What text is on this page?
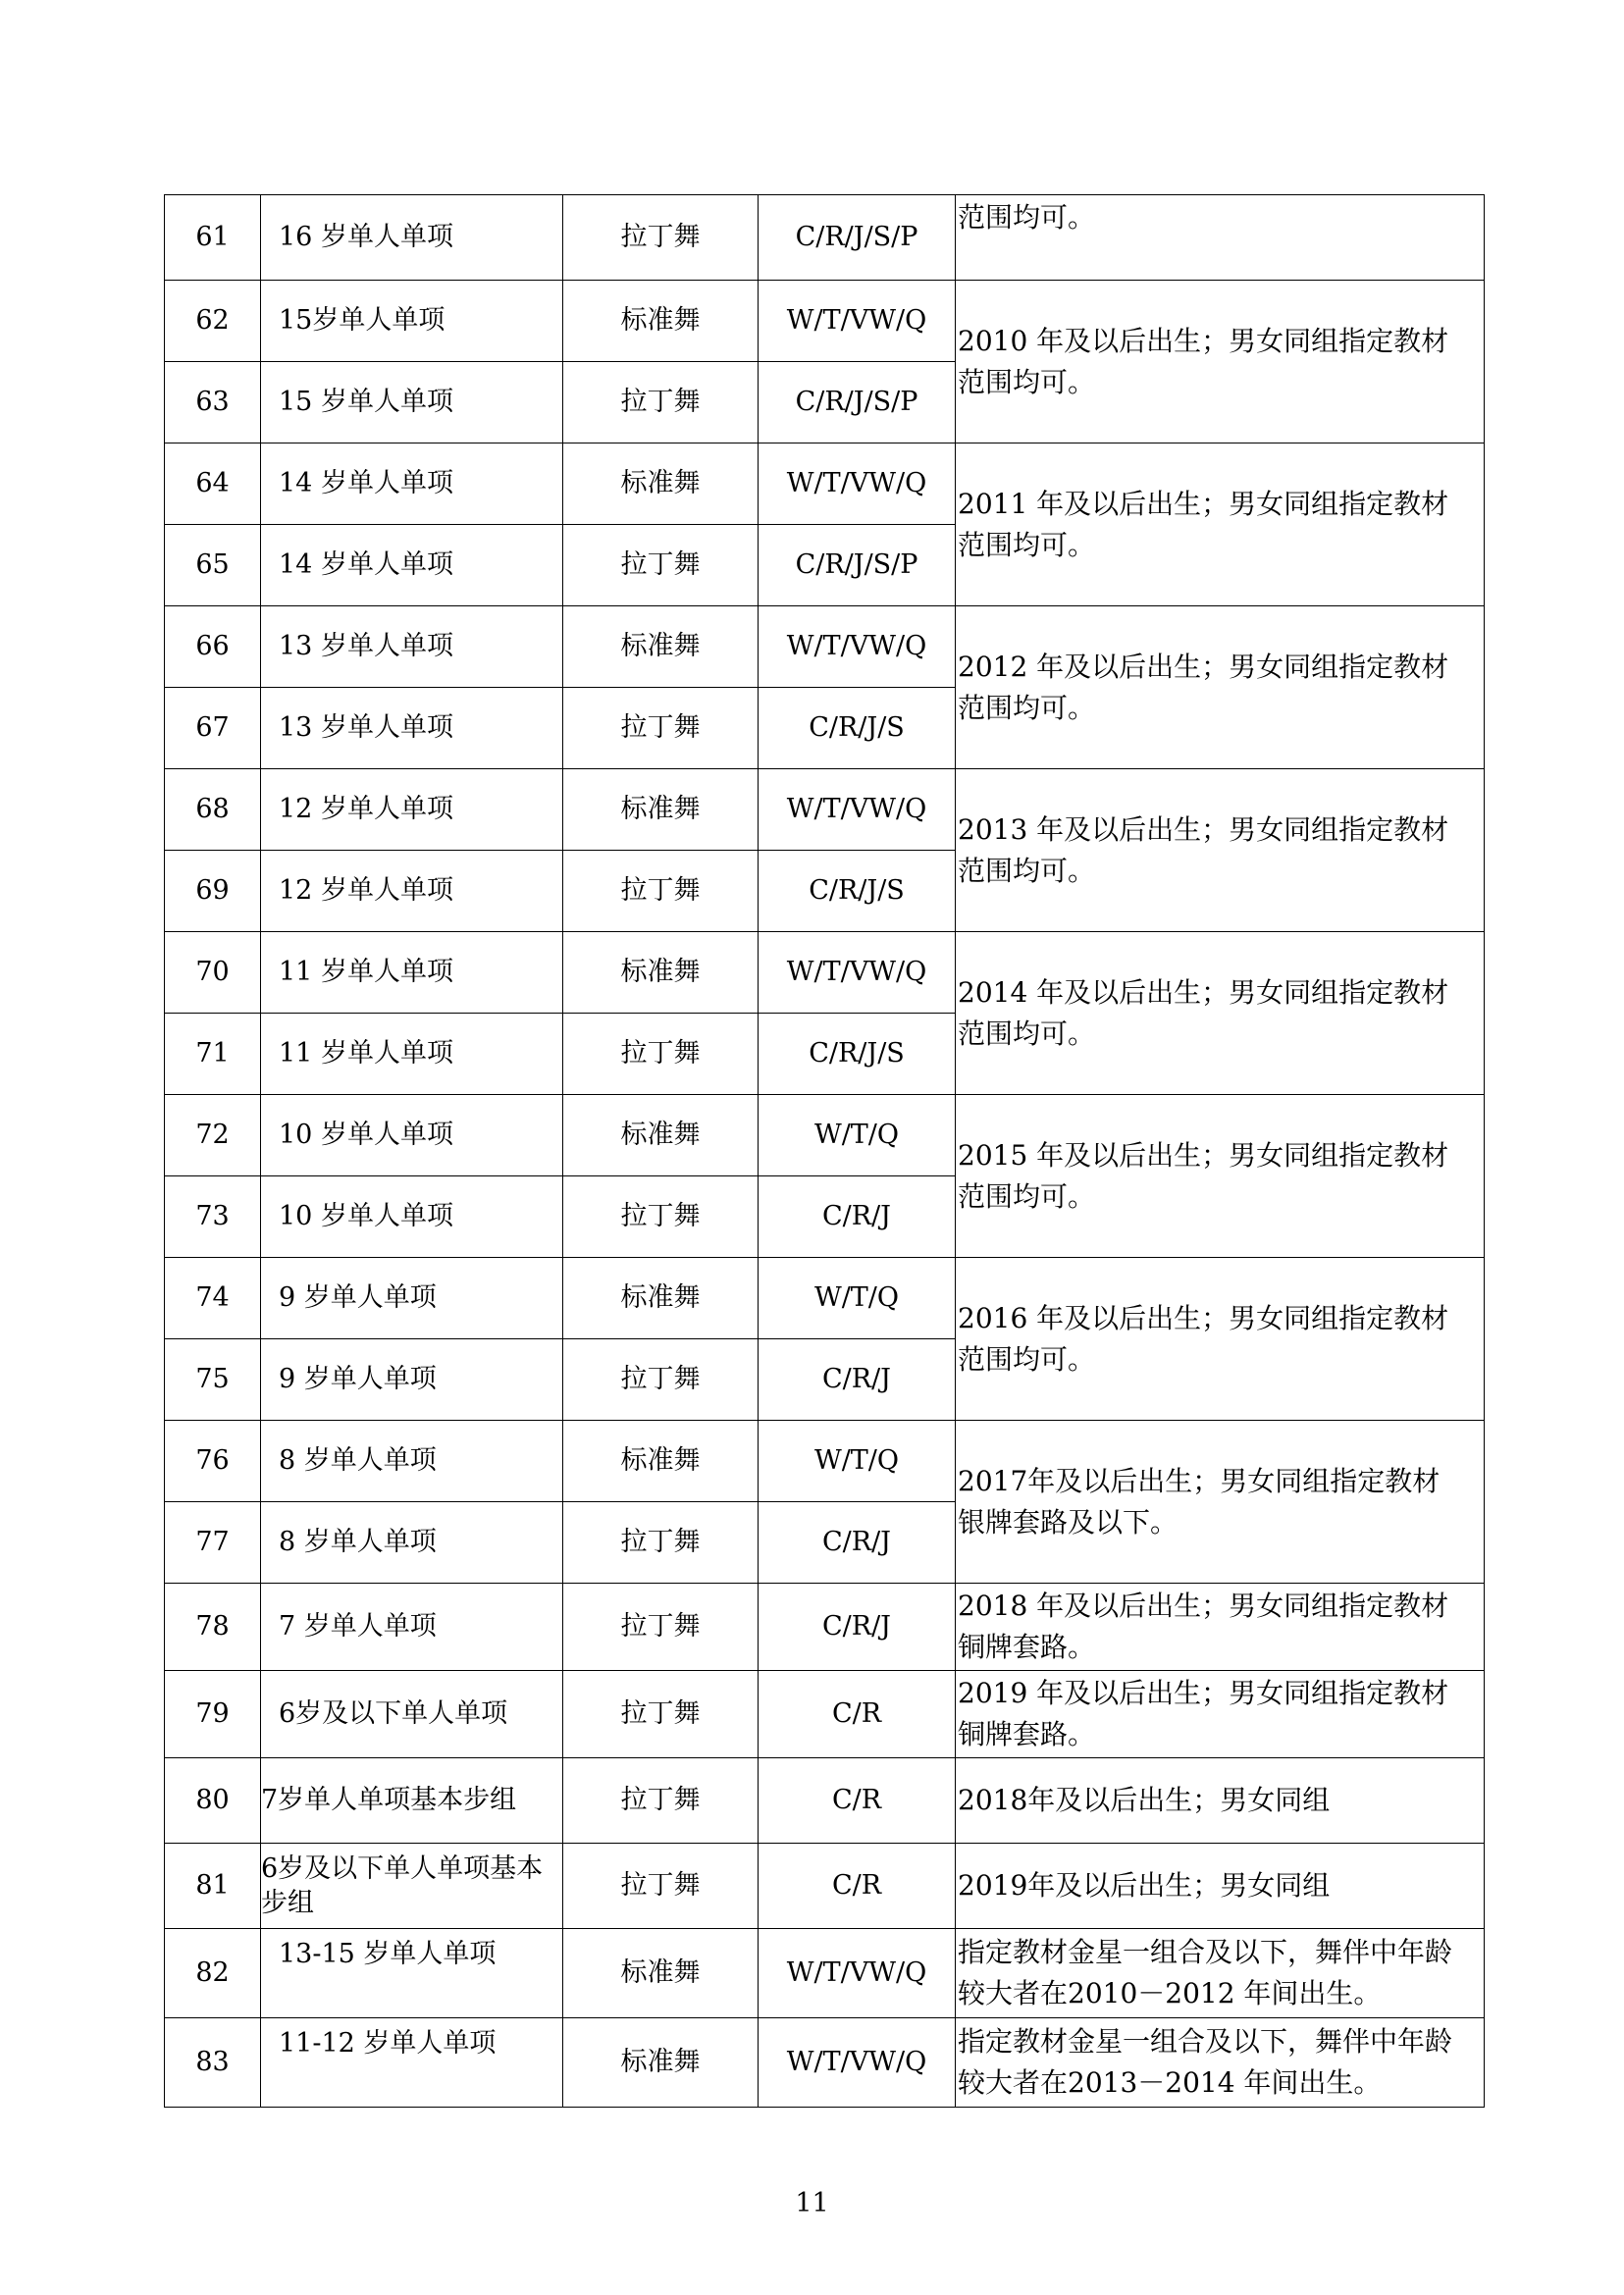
61	16 岁单人单项	拉丁舞	C/R/J/S/P	范围均可。

62	15岁单人单项	标准舞	W/T/VW/Q	2010 年及以后出生；男女同组指定教材
范围均可。

63	15 岁单人单项	拉丁舞	C/R/J/S/P	
64	14 岁单人单项	标准舞	W/T/VW/Q	2011 年及以后出生；男女同组指定教材
范围均可。

65	14 岁单人单项	拉丁舞	C/R/J/S/P	
66	13 岁单人单项	标准舞	W/T/VW/Q	2012 年及以后出生；男女同组指定教材
范围均可。

67	13 岁单人单项	拉丁舞	C/R/J/S	
68	12 岁单人单项	标准舞	W/T/VW/Q	2013 年及以后出生；男女同组指定教材
范围均可。

69	12 岁单人单项	拉丁舞	C/R/J/S	
70	11 岁单人单项	标准舞	W/T/VW/Q	2014 年及以后出生；男女同组指定教材
范围均可。

71	11 岁单人单项	拉丁舞	C/R/J/S	
72	10 岁单人单项	标准舞	W/T/Q	2015 年及以后出生；男女同组指定教材
范围均可。

73	10 岁单人单项	拉丁舞	C/R/J	
74	9 岁单人单项	标准舞	W/T/Q	2016 年及以后出生；男女同组指定教材
范围均可。

75	9 岁单人单项	拉丁舞	C/R/J	
76	8 岁单人单项	标准舞	W/T/Q	2017年及以后出生；男女同组指定教材
银牌套路及以下。

77	8 岁单人单项	拉丁舞	C/R/J	
78	7 岁单人单项	拉丁舞	C/R/J	2018 年及以后出生；男女同组指定教材
铜牌套路。

79	6岁及以下单人单项	拉丁舞	C/R	2019 年及以后出生；男女同组指定教材
铜牌套路。

80	7岁单人单项基本步组	拉丁舞	C/R	2018年及以后出生；男女同组

81	6岁及以下单人单项基本步组	拉丁舞	C/R	2019年及以后出生；男女同组

82	13-15 岁单人单项	标准舞	W/T/VW/Q	指定教材金星一组合及以下，舞伴中年龄
较大者在2010－2012 年间出生。

83	11-12 岁单人单项	标准舞	W/T/VW/Q	指定教材金星一组合及以下，舞伴中年龄
较大者在2013－2014 年间出生。
11
